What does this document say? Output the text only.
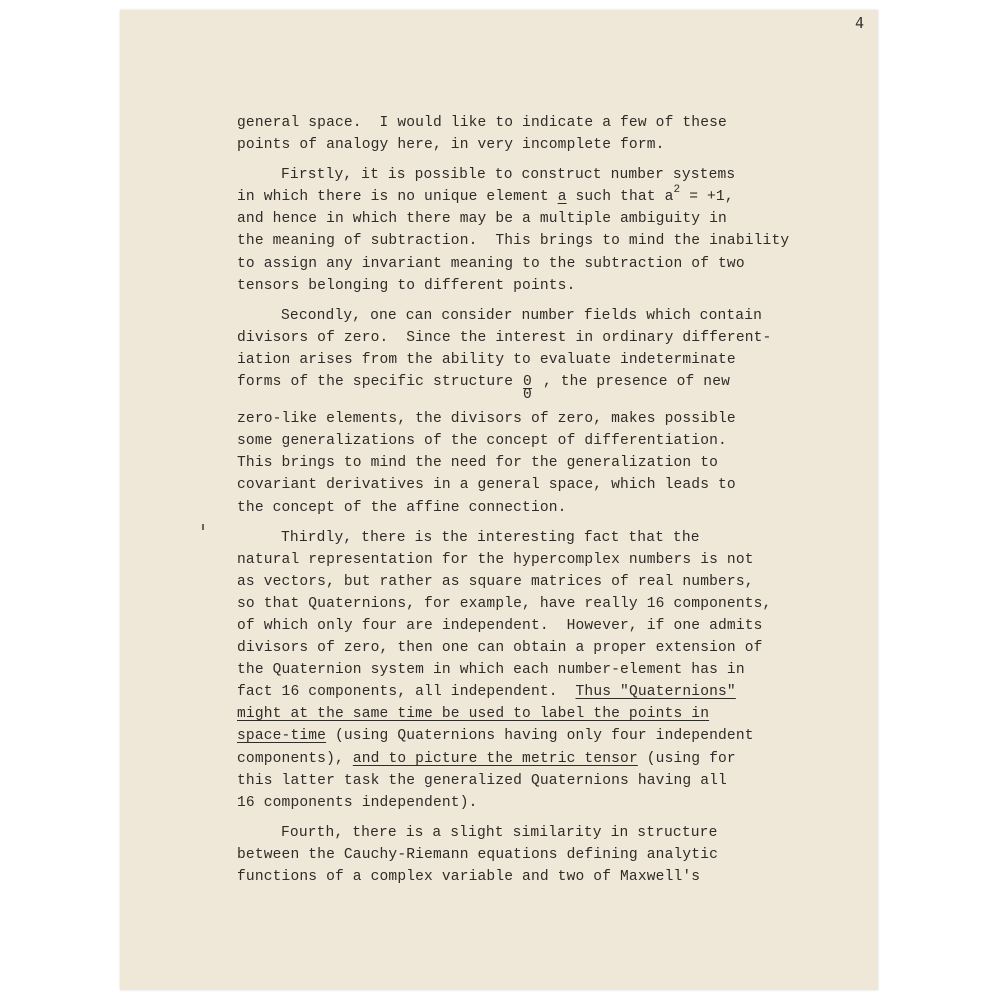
4
general space.  I would like to indicate a few of these
points of analogy here, in very incomplete form.
Firstly, it is possible to construct number systems
in which there is no unique element a such that $a^2 = +1$,
and hence in which there may be a multiple ambiguity in
the meaning of subtraction.  This brings to mind the inability
to assign any invariant meaning to the subtraction of two
tensors belonging to different points.
Secondly, one can consider number fields which contain
divisors of zero.  Since the interest in ordinary different-
iation arises from the ability to evaluate indeterminate
forms of the specific structure 0
0
, the presence of new
zero-like elements, the divisors of zero, makes possible
some generalizations of the concept of differentiation.
This brings to mind the need for the generalization to
covariant derivatives in a general space, which leads to
the concept of the affine connection.
Thirdly, there is the interesting fact that the
natural representation for the hypercomplex numbers is not
as vectors, but rather as square matrices of real numbers,
so that Quaternions, for example, have really 16 components,
of which only four are independent.  However, if one admits
divisors of zero, then one can obtain a proper extension of
the Quaternion system in which each number-element has in
fact 16 components, all independent.  Thus "Quaternions"
might at the same time be used to label the points in
space-time (using Quaternions having only four independent
components), and to picture the metric tensor (using for
this latter task the generalized Quaternions having all
16 components independent).
Fourth, there is a slight similarity in structure
between the Cauchy-Riemann equations defining analytic
functions of a complex variable and two of Maxwell's
